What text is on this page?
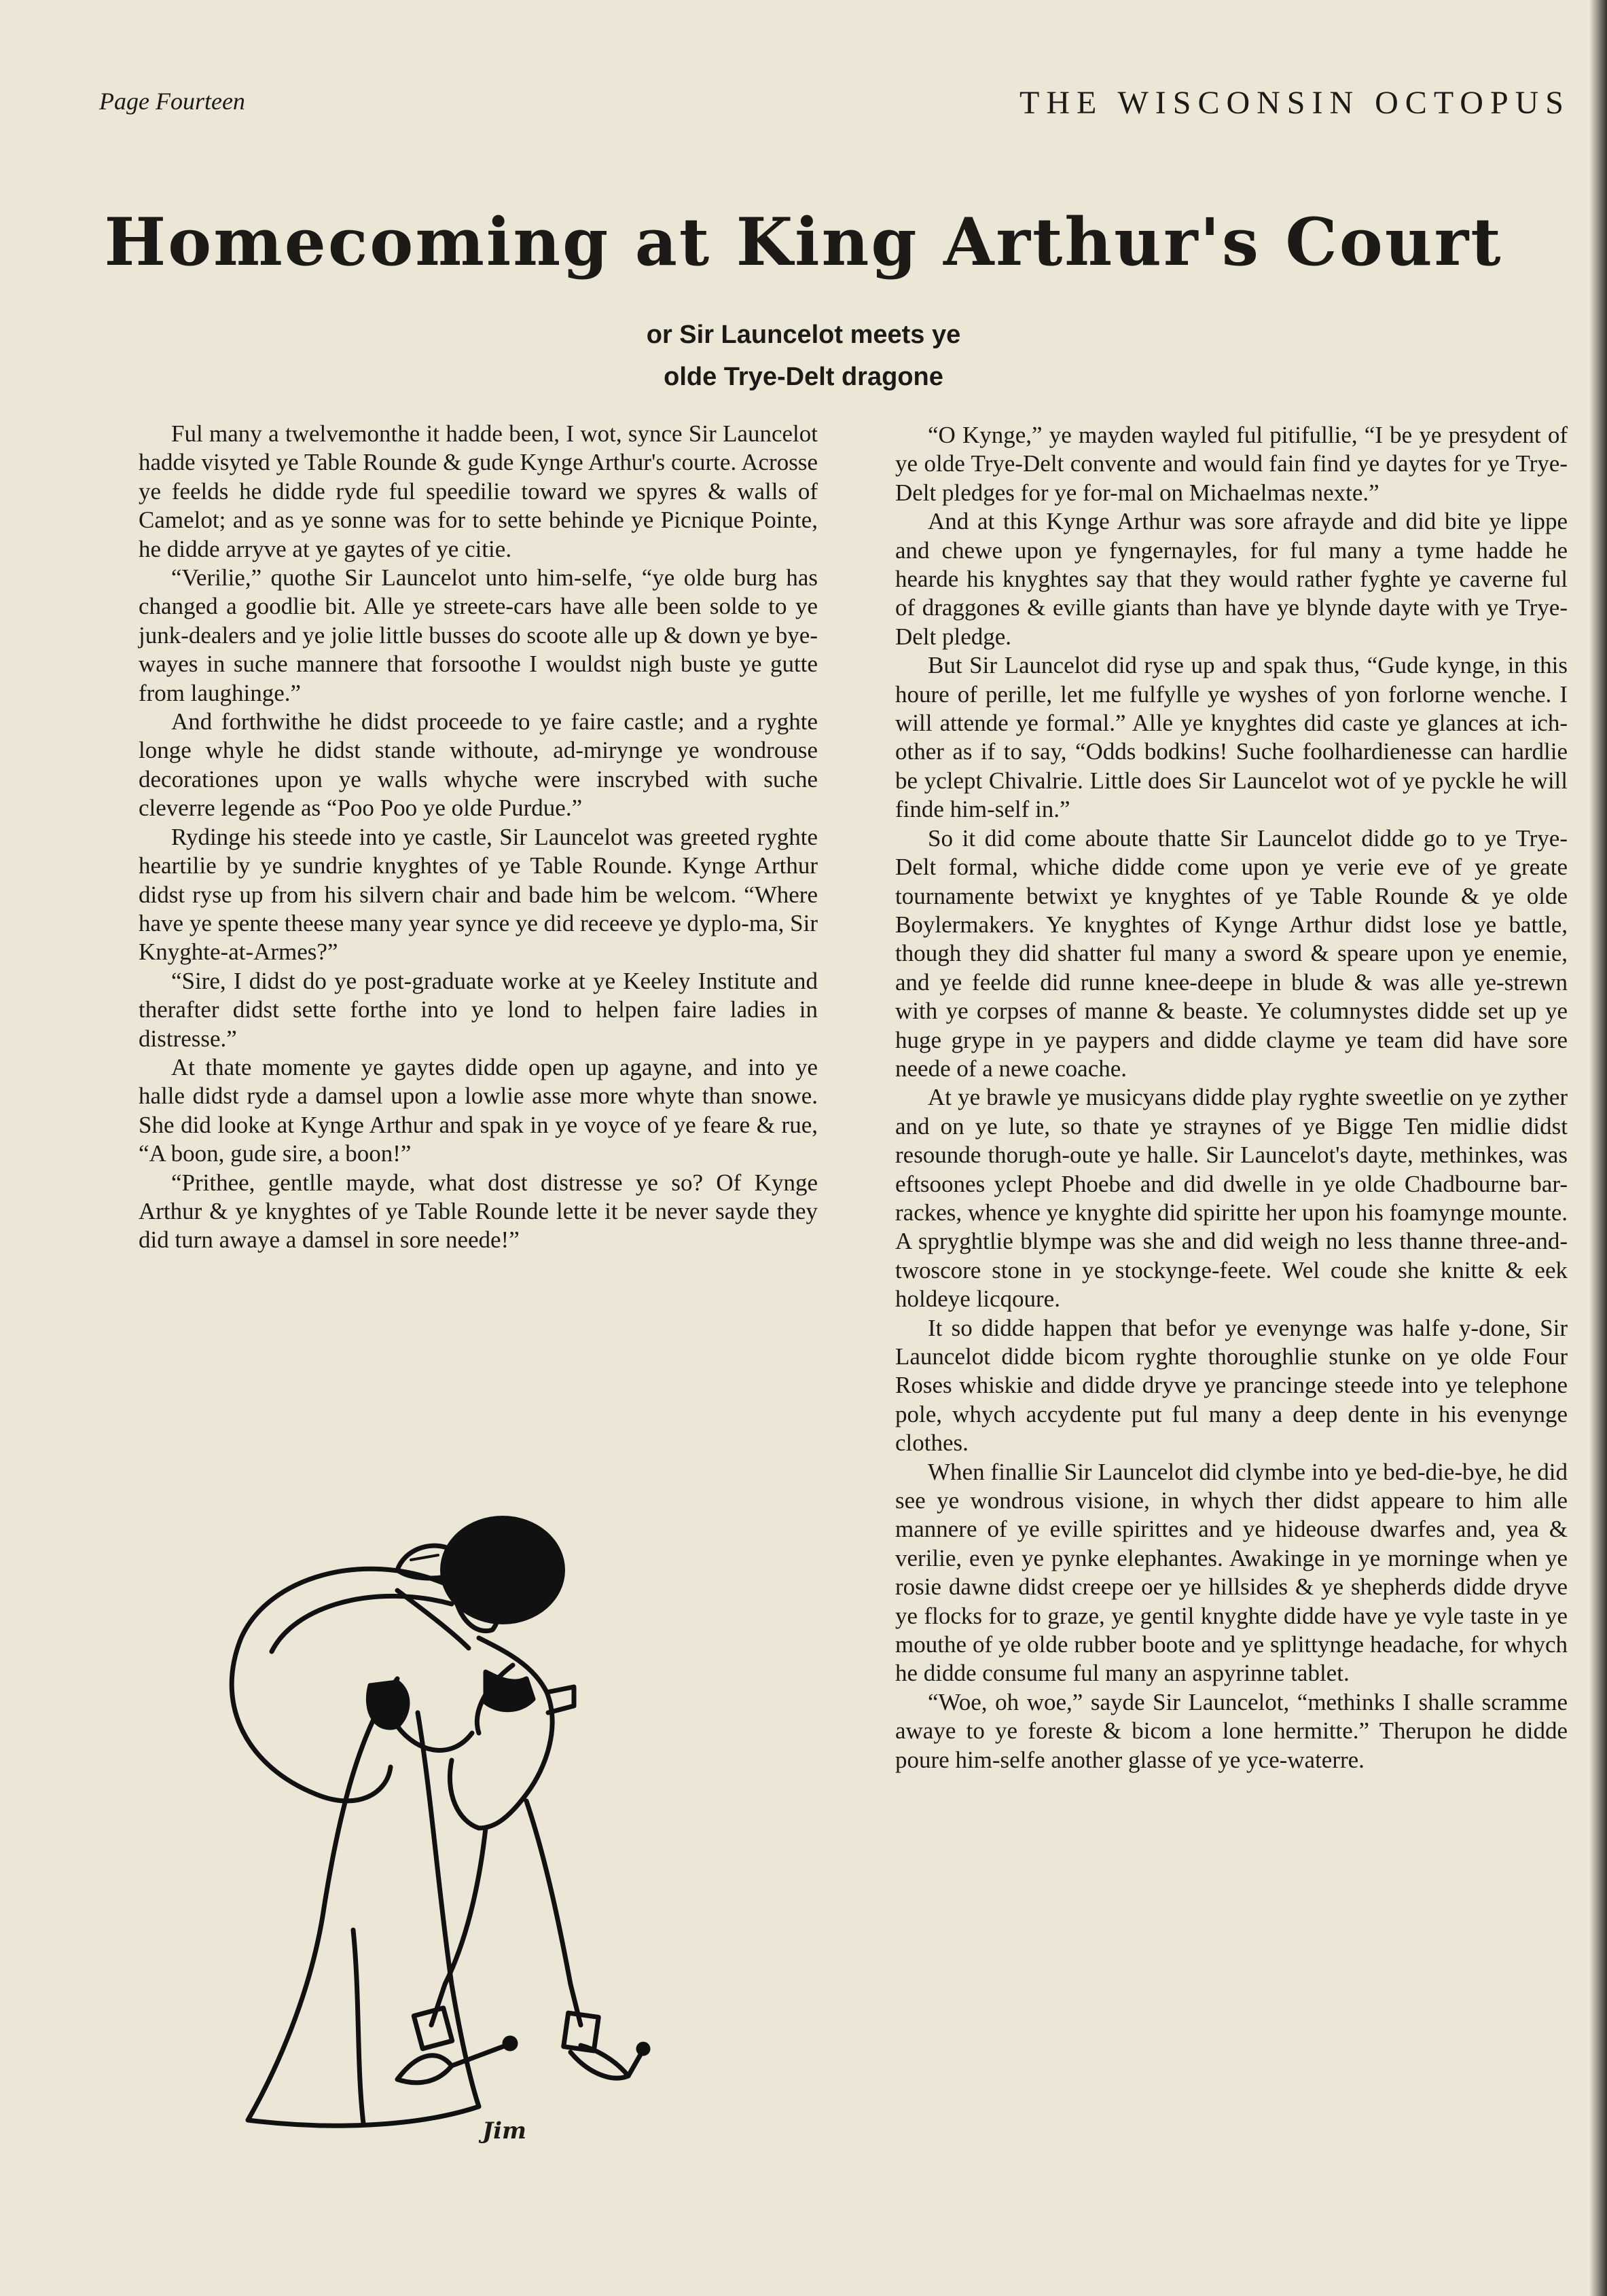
Page Fourteen	THE WISCONSIN OCTOPUS
Homecoming at King Arthur's Court
or Sir Launcelot meets ye
olde Trye-Delt dragone

Ful many a twelvemonthe it hadde been, I wot, synce Sir Launcelot hadde visyted ye Table Rounde & gude Kynge Arthur's courte. Acrosse ye feelds he didde ryde ful speedilie toward we spyres & walls of Camelot; and as ye sonne was for to sette behinde ye Picnique Pointe, he didde arryve at ye gaytes of ye citie.

“Verilie,” quothe Sir Launcelot unto him-selfe, “ye olde burg has changed a goodlie bit. Alle ye streete-cars have alle been solde to ye junk-dealers and ye jolie little busses do scoote alle up & down ye bye-wayes in suche mannere that forsoothe I wouldst nigh buste ye gutte from laughinge.”

And forthwithe he didst proceede to ye faire castle; and a ryghte longe whyle he didst stande withoute, ad-mirynge ye wondrouse decorationes upon ye walls whyche were inscrybed with suche cleverre legende as “Poo Poo ye olde Purdue.”

Rydinge his steede into ye castle, Sir Launcelot was greeted ryghte heartilie by ye sundrie knyghtes of ye Table Rounde. Kynge Arthur didst ryse up from his silvern chair and bade him be welcom. “Where have ye spente theese many year synce ye did receeve ye dyplo-ma, Sir Knyghte-at-Armes?”

“Sire, I didst do ye post-graduate worke at ye Keeley Institute and therafter didst sette forthe into ye lond to helpen faire ladies in distresse.”

At thate momente ye gaytes didde open up agayne, and into ye halle didst ryde a damsel upon a lowlie asse more whyte than snowe. She did looke at Kynge Arthur and spak in ye voyce of ye feare & rue, “A boon, gude sire, a boon!”

“Prithee, gentlle mayde, what dost distresse ye so? Of Kynge Arthur & ye knyghtes of ye Table Rounde lette it be never sayde they did turn awaye a damsel in sore neede!”

“O Kynge,” ye mayden wayled ful pitifullie, “I be ye presydent of ye olde Trye-Delt convente and would fain find ye daytes for ye Trye-Delt pledges for ye for-mal on Michaelmas nexte.”

And at this Kynge Arthur was sore afrayde and did bite ye lippe and chewe upon ye fyngernayles, for ful many a tyme hadde he hearde his knyghtes say that they would rather fyghte ye caverne ful of draggones & eville giants than have ye blynde dayte with ye Trye-Delt pledge.

But Sir Launcelot did ryse up and spak thus, “Gude kynge, in this houre of perille, let me fulfylle ye wyshes of yon forlorne wenche. I will attende ye formal.” Alle ye knyghtes did caste ye glances at ich-other as if to say, “Odds bodkins! Suche foolhardienesse can hardlie be yclept Chivalrie. Little does Sir Launcelot wot of ye pyckle he will finde him-self in.”

So it did come aboute thatte Sir Launcelot didde go to ye Trye-Delt formal, whiche didde come upon ye verie eve of ye greate tournamente betwixt ye knyghtes of ye Table Rounde & ye olde Boylermakers. Ye knyghtes of Kynge Arthur didst lose ye battle, though they did shatter ful many a sword & speare upon ye enemie, and ye feelde did runne knee-deepe in blude & was alle ye-strewn with ye corpses of manne & beaste. Ye columnystes didde set up ye huge grype in ye paypers and didde clayme ye team did have sore neede of a newe coache.

At ye brawle ye musicyans didde play ryghte sweetlie on ye zyther and on ye lute, so thate ye straynes of ye Bigge Ten midlie didst resounde thorugh-oute ye halle. Sir Launcelot's dayte, methinkes, was eftsoones yclept Phoebe and did dwelle in ye olde Chadbourne bar-rackes, whence ye knyghte did spiritte her upon his foamynge mounte. A spryghtlie blympe was she and did weigh no less thanne three-and-twoscore stone in ye stockynge-feete. Wel coude she knitte & eek holdeye licqoure.

It so didde happen that befor ye evenynge was halfe y-done, Sir Launcelot didde bicom ryghte thoroughlie stunke on ye olde Four Roses whiskie and didde dryve ye prancinge steede into ye telephone pole, whych accydente put ful many a deep dente in his evenynge clothes.

When finallie Sir Launcelot did clymbe into ye bed-die-bye, he did see ye wondrous visione, in whych ther didst appeare to him alle mannere of ye eville spirittes and ye hideouse dwarfes and, yea & verilie, even ye pynke elephantes. Awakinge in ye morninge when ye rosie dawne didst creepe oer ye hillsides & ye shepherds didde dryve ye flocks for to graze, ye gentil knyghte didde have ye vyle taste in ye mouthe of ye olde rubber boote and ye splittynge headache, for whych he didde consume ful many an aspyrinne tablet.

“Woe, oh woe,” sayde Sir Launcelot, “methinks I shalle scramme awaye to ye foreste & bicom a lone hermitte.” Therupon he didde poure him-selfe another glasse of ye yce-waterre.

Jim
